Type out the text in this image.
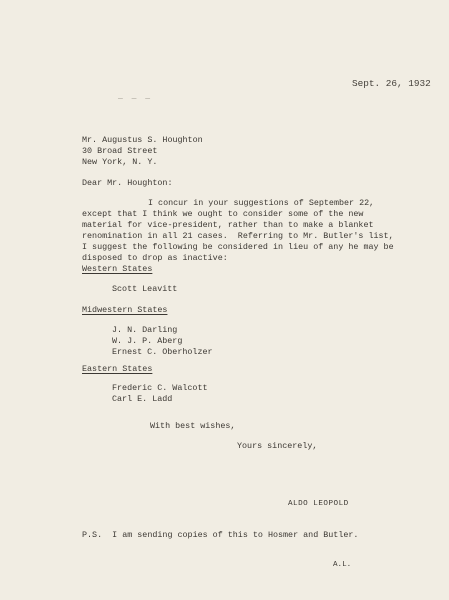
Sept. 26, 1932

_ _ _

Mr. Augustus S. Houghton

30 Broad Street

New York, N. Y.

Dear Mr. Houghton:

I concur in your suggestions of September 22,

except that I think we ought to consider some of the new

material for vice-president, rather than to make a blanket

renomination in all 21 cases.  Referring to Mr. Butler's list,

I suggest the following be considered in lieu of any he may be

disposed to drop as inactive:

Western States

Scott Leavitt

Midwestern States

J. N. Darling

W. J. P. Aberg

Ernest C. Oberholzer

Eastern States

Frederic C. Walcott

Carl E. Ladd

With best wishes,

Yours sincerely,

ALDO LEOPOLD

P.S.  I am sending copies of this to Hosmer and Butler.

A.L.
